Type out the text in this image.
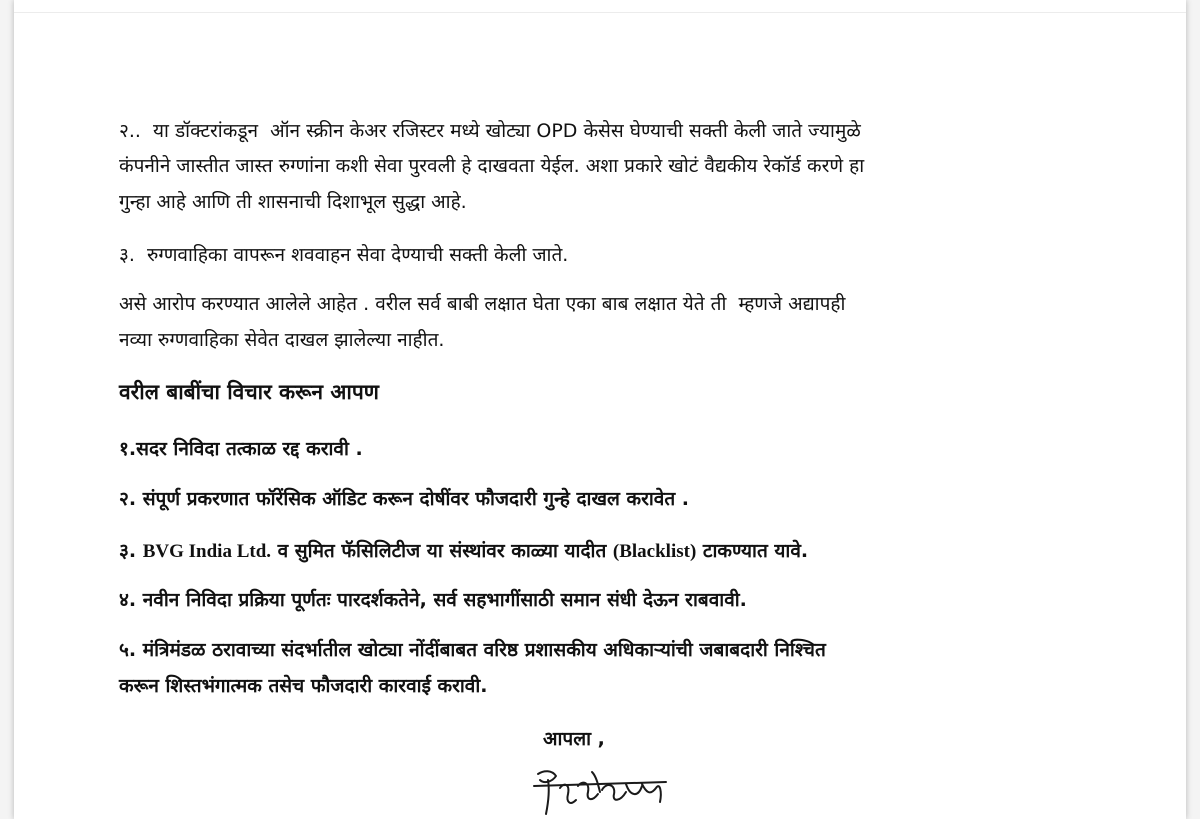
२..  या डॉक्टरांकडून  ऑन स्क्रीन केअर रजिस्टर मध्ये खोट्या OPD केसेस घेण्याची सक्ती केली जाते ज्यामुळे

कंपनीने जास्तीत जास्त रुग्णांना कशी सेवा पुरवली हे दाखवता येईल. अशा प्रकारे खोटं वैद्यकीय रेकॉर्ड करणे हा

गुन्हा आहे आणि ती शासनाची दिशाभूल सुद्धा आहे.

३.  रुग्णवाहिका वापरून शववाहन सेवा देण्याची सक्ती केली जाते.

असे आरोप करण्यात आलेले आहेत . वरील सर्व बाबी लक्षात घेता एका बाब लक्षात येते ती  म्हणजे अद्यापही

नव्या रुग्णवाहिका सेवेत दाखल झालेल्या नाहीत.

वरील बाबींचा विचार करून आपण

१.सदर निविदा तत्काळ रद्द करावी .

२. संपूर्ण प्रकरणात फॉरेंसिक ऑडिट करून दोषींवर फौजदारी गुन्हे दाखल करावेत .

३. BVG India Ltd. व सुमित फॅसिलिटीज या संस्थांवर काळ्या यादीत (Blacklist) टाकण्यात यावे.

४. नवीन निविदा प्रक्रिया पूर्णतः पारदर्शकतेने, सर्व सहभागींसाठी समान संधी देऊन राबवावी.

५. मंत्रिमंडळ ठरावाच्या संदर्भातील खोट्या नोंदींबाबत वरिष्ठ प्रशासकीय अधिकाऱ्यांची जबाबदारी निश्चित

करून शिस्तभंगात्मक तसेच फौजदारी कारवाई करावी.

आपला ,
